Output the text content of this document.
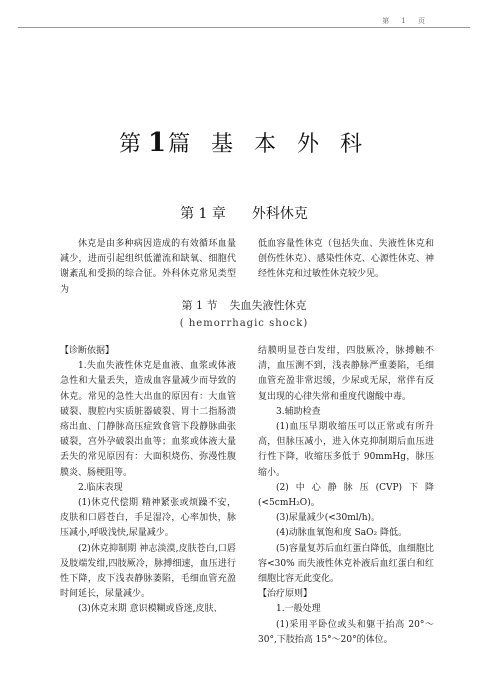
第 1 页
第1篇 基 本 外 科
第 1 章 外科休克

休克是由多种病因造成的有效循环血量减少，进而引起组织低灌流和缺氧、细胞代谢紊乱和受损的综合征。外科休克常见类型为

低血容量性休克（包括失血、失液性休克和创伤性休克）、感染性休克、心源性休克、神经性休克和过敏性休克较少见。

第 1 节 失血失液性休克
( hemorrhagic shock)

【诊断依据】

1.失血失液性休克是血液、血浆或体液急性和大量丢失，造成血容量减少而导致的休克。常见的急性大出血的原因有：大血管破裂、腹腔内实质脏器破裂、胃十二指肠溃疡出血、门静脉高压症致食管下段静脉曲张破裂，宫外孕破裂出血等；血浆或体液大量丢失的常见原因有：大面积烧伤、弥漫性腹膜炎、肠梗阻等。

2.临床表现

(1)休克代偿期 精神紧张或烦躁不安，皮肤和口唇苍白，手足湿冷，心率加快，脉压减小,呼吸浅快,尿量减少。

(2)休克抑制期 神志淡漠,皮肤苍白,口唇及肢端发绀,四肢厥冷，脉搏细速，血压进行性下降，皮下浅表静脉萎陷，毛细血管充盈时间延长，尿量减少。

(3)休克末期 意识模糊或昏迷,皮肤、

结膜明显苍白发绀，四肢厥冷，脉搏触不清，血压测不到，浅表静脉严重萎陷，毛细血管充盈非常迟缓，少尿或无尿，常伴有反复出现的心律失常和重度代谢酸中毒。

3.辅助检查

(1)血压早期收缩压可以正常或有所升高，但脉压减小，进入休克抑制期后血压进行性下降，收缩压多低于 90mmHg，脉压缩小。

(2)中心静脉压(CVP)下降(<5cmH₂O)。

(3)尿量减少(<30ml/h)。

(4)动脉血氧饱和度 SaO₂ 降低。

(5)容量复苏后血红蛋白降低，血细胞比容<30% 而失液性休克补液后血红蛋白和红细胞比容无此变化。

【治疗原则】

1.一般处理

(1)采用平卧位或头和躯干抬高 20°～30°,下肢抬高 15°～20°的体位。
